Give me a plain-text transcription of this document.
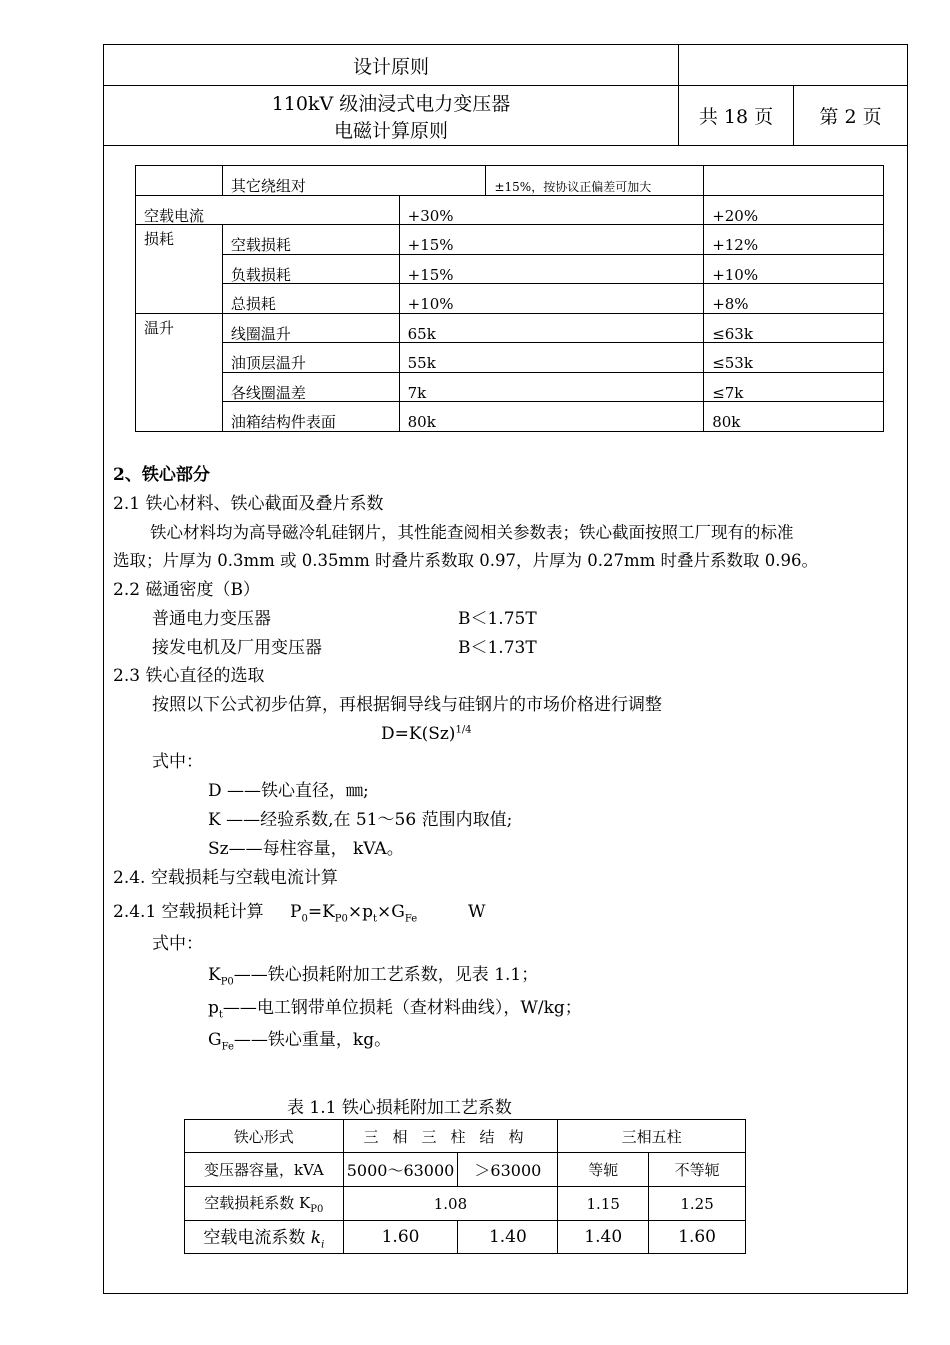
设计原则		

110kV 级油浸式电力变压器
电磁计算原则	共 18 页	第 2 页
	其它绕组对		±15%，按协议正偏差可加大	
空载电流		+30%		+20%
损耗	空载损耗	+15%		+12%
	负载损耗	+15%		+10%
	总损耗	+10%		+8%
温升	线圈温升	65k		≤63k
	油顶层温升	55k		≤53k
	各线圈温差	7k		≤7k
	油箱结构件表面	80k		80k
2、铁心部分
2.1 铁心材料、铁心截面及叠片系数
铁心材料均为高导磁冷轧硅钢片，其性能查阅相关参数表；铁心截面按照工厂现有的标准
选取；片厚为 0.3mm 或 0.35mm 时叠片系数取 0.97，片厚为 0.27mm 时叠片系数取 0.96。
2.2 磁通密度（B）
普通电力变压器	B＜1.75T
接发电机及厂用变压器	B＜1.73T
2.3 铁心直径的选取
按照以下公式初步估算，再根据铜导线与硅钢片的市场价格进行调整
$D=K(Sz)^{1/4}$
式中：
D ——铁心直径，㎜;
K ——经验系数,在 51～56 范围内取值;
Sz——每柱容量， kVA。
2.4. 空载损耗与空载电流计算
2.4.1 空载损耗计算 $P_0=K_{P0}\times p_t\times G_{Fe}$	W
式中：
$K_{P0}——$铁心损耗附加工艺系数，见表 1.1；
$p_t——$电工钢带单位损耗（查材料曲线），W/kg；
$G_{Fe}——$铁心重量，kg。
表 1.1 铁心损耗附加工艺系数
铁心形式	三相三柱结构		三相五柱	
变压器容量，kVA	5000～63000	＞63000	等轭	不等轭
空载损耗系数 $K_{P0}$	1.08		1.15	1.25
空载电流系数 $k_i$	1.60	1.40	1.40	1.60
